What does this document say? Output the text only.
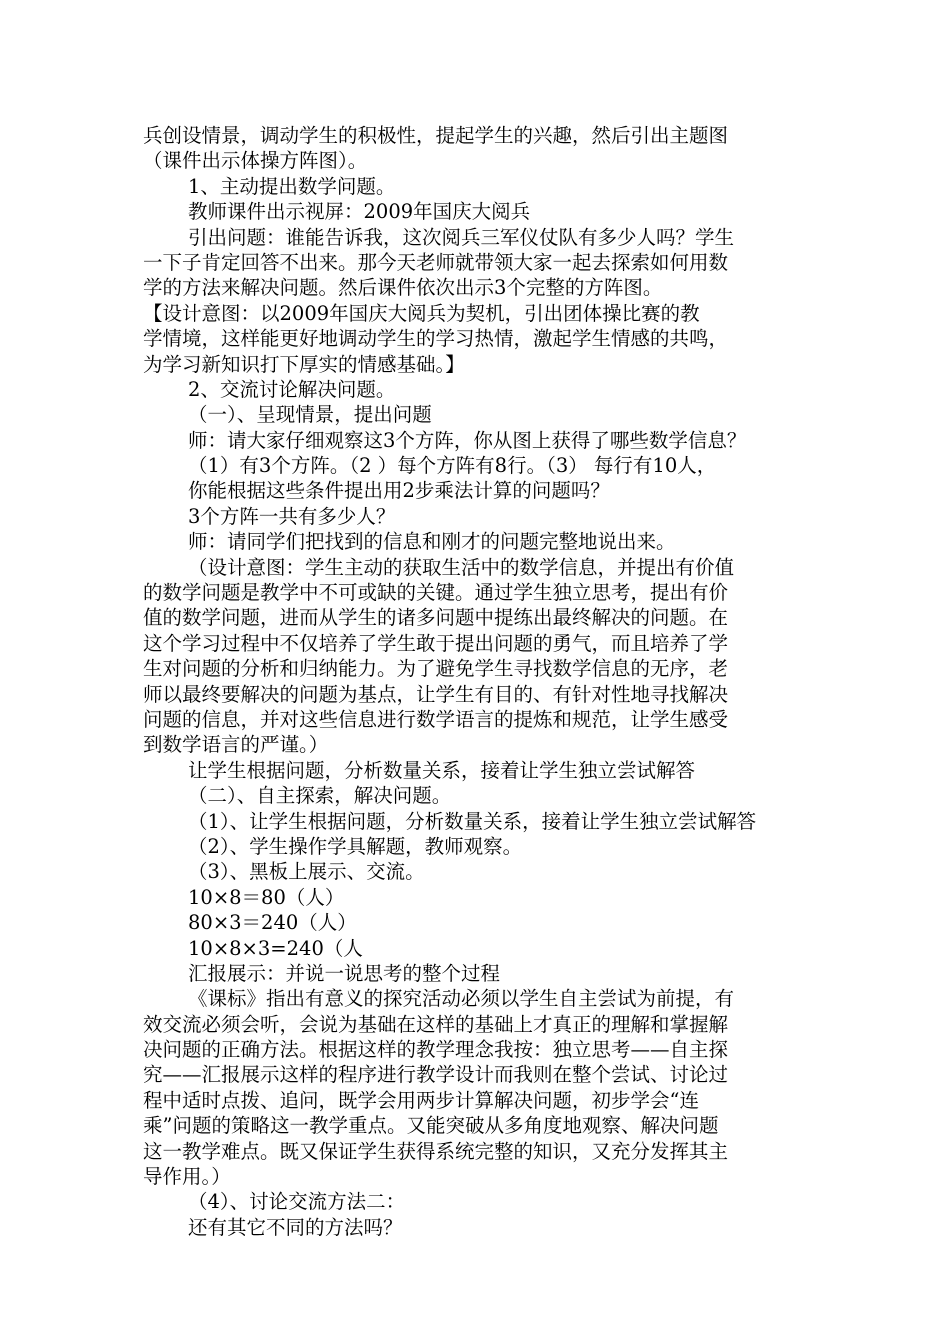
兵创设情景，调动学生的积极性，提起学生的兴趣，然后引出主题图
（课件出示体操方阵图）。
1、主动提出数学问题。
教师课件出示视屏：2009年国庆大阅兵
引出问题：谁能告诉我，这次阅兵三军仪仗队有多少人吗？学生
一下子肯定回答不出来。那今天老师就带领大家一起去探索如何用数
学的方法来解决问题。然后课件依次出示3个完整的方阵图。
【设计意图：以2009年国庆大阅兵为契机，引出团体操比赛的教
学情境，这样能更好地调动学生的学习热情，激起学生情感的共鸣，
为学习新知识打下厚实的情感基础。】
2、交流讨论解决问题。
（一）、呈现情景，提出问题
师：请大家仔细观察这3个方阵，你从图上获得了哪些数学信息？
（1）有3个方阵。（2 ）每个方阵有8行。（3） 每行有10人，
你能根据这些条件提出用2步乘法计算的问题吗？
3个方阵一共有多少人？
师：请同学们把找到的信息和刚才的问题完整地说出来。
（设计意图：学生主动的获取生活中的数学信息，并提出有价值
的数学问题是教学中不可或缺的关键。通过学生独立思考，提出有价
值的数学问题，进而从学生的诸多问题中提练出最终解决的问题。在
这个学习过程中不仅培养了学生敢于提出问题的勇气，而且培养了学
生对问题的分析和归纳能力。为了避免学生寻找数学信息的无序，老
师以最终要解决的问题为基点，让学生有目的、有针对性地寻找解决
问题的信息，并对这些信息进行数学语言的提炼和规范，让学生感受
到数学语言的严谨。）
让学生根据问题，分析数量关系，接着让学生独立尝试解答
（二）、自主探索，解决问题。
（1）、让学生根据问题，分析数量关系，接着让学生独立尝试解答
（2）、学生操作学具解题，教师观察。
（3）、黑板上展示、交流。
10×8＝80（人）
80×3＝240（人）
10×8×3=240（人
汇报展示：并说一说思考的整个过程
《课标》指出有意义的探究活动必须以学生自主尝试为前提，有
效交流必须会听，会说为基础在这样的基础上才真正的理解和掌握解
决问题的正确方法。根据这样的教学理念我按：独立思考——自主探
究——汇报展示这样的程序进行教学设计而我则在整个尝试、讨论过
程中适时点拨、追问，既学会用两步计算解决问题，初步学会“连
乘”问题的策略这一教学重点。又能突破从多角度地观察、解决问题
这一教学难点。既又保证学生获得系统完整的知识，又充分发挥其主
导作用。）
（4）、讨论交流方法二：
还有其它不同的方法吗？
